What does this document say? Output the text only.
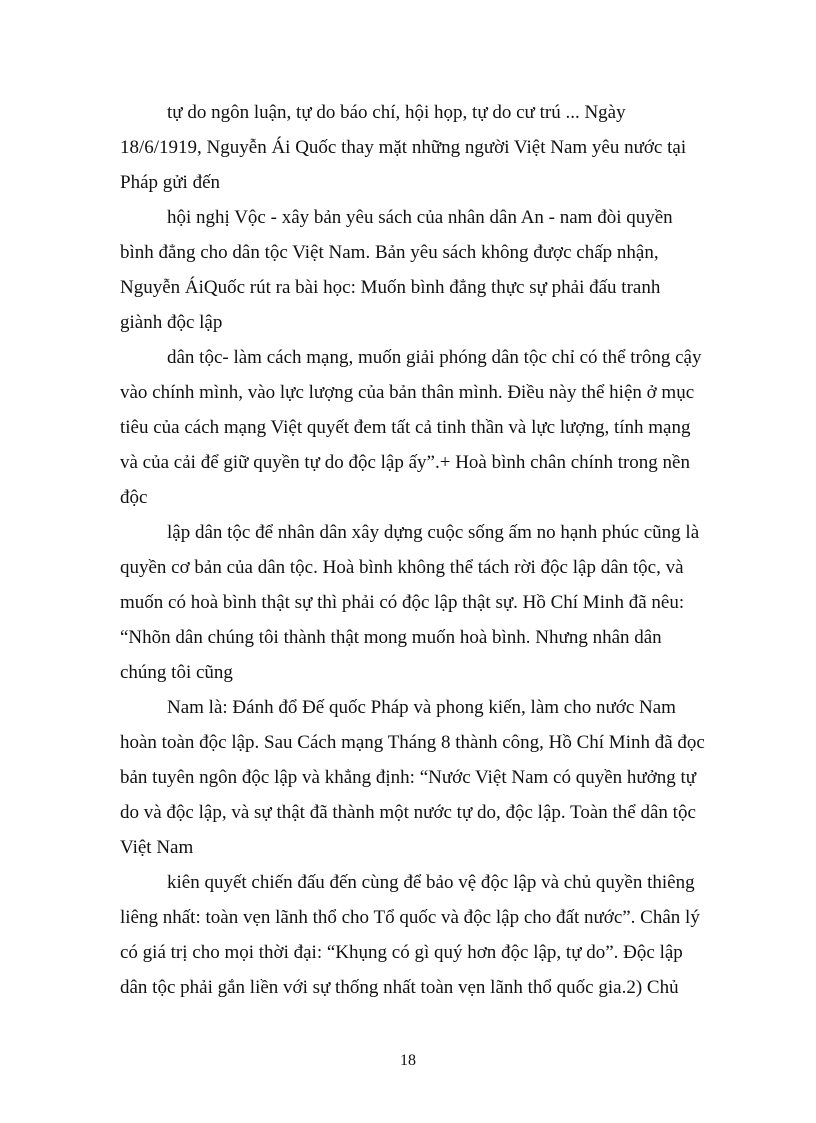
tự do ngôn luận, tự do báo chí, hội họp, tự do cư trú ... Ngày
18/6/1919, Nguyễn Ái Quốc thay mặt những người Việt Nam yêu nước tại
Pháp gửi đến

hội nghị Vộc - xây bản yêu sách của nhân dân An - nam đòi quyền
bình đẳng cho dân tộc Việt Nam. Bản yêu sách không được chấp nhận,
Nguyễn ÁiQuốc rút ra bài học: Muốn bình đẳng thực sự phải đấu tranh
giành độc lập

dân tộc- làm cách mạng, muốn giải phóng dân tộc chỉ có thể trông cậy
vào chính mình, vào lực lượng của bản thân mình. Điều này thể hiện ở mục
tiêu của cách mạng Việt quyết đem tất cả tinh thần và lực lượng, tính mạng
và của cải để giữ quyền tự do độc lập ấy”.+ Hoà bình chân chính trong nền
độc

lập dân tộc để nhân dân xây dựng cuộc sống ấm no hạnh phúc cũng là
quyền cơ bản của dân tộc. Hoà bình không thể tách rời độc lập dân tộc, và
muốn có hoà bình thật sự thì phải có độc lập thật sự. Hồ Chí Minh đã nêu:
“Nhõn dân chúng tôi thành thật mong muốn hoà bình. Nhưng nhân dân
chúng tôi cũng

Nam là: Đánh đổ Đế quốc Pháp và phong kiến, làm cho nước Nam
hoàn toàn độc lập. Sau Cách mạng Tháng 8 thành công, Hồ Chí Minh đã đọc
bản tuyên ngôn độc lập và khẳng định: “Nước Việt Nam có quyền hưởng tự
do và độc lập, và sự thật đã thành một nước tự do, độc lập. Toàn thể dân tộc
Việt Nam

kiên quyết chiến đấu đến cùng để bảo vệ độc lập và chủ quyền thiêng
liêng nhất: toàn vẹn lãnh thổ cho Tổ quốc và độc lập cho đất nước”. Chân lý
có giá trị cho mọi thời đại: “Khụng có gì quý hơn độc lập, tự do”. Độc lập
dân tộc phải gắn liền với sự thống nhất toàn vẹn lãnh thổ quốc gia.2) Chủ

18
